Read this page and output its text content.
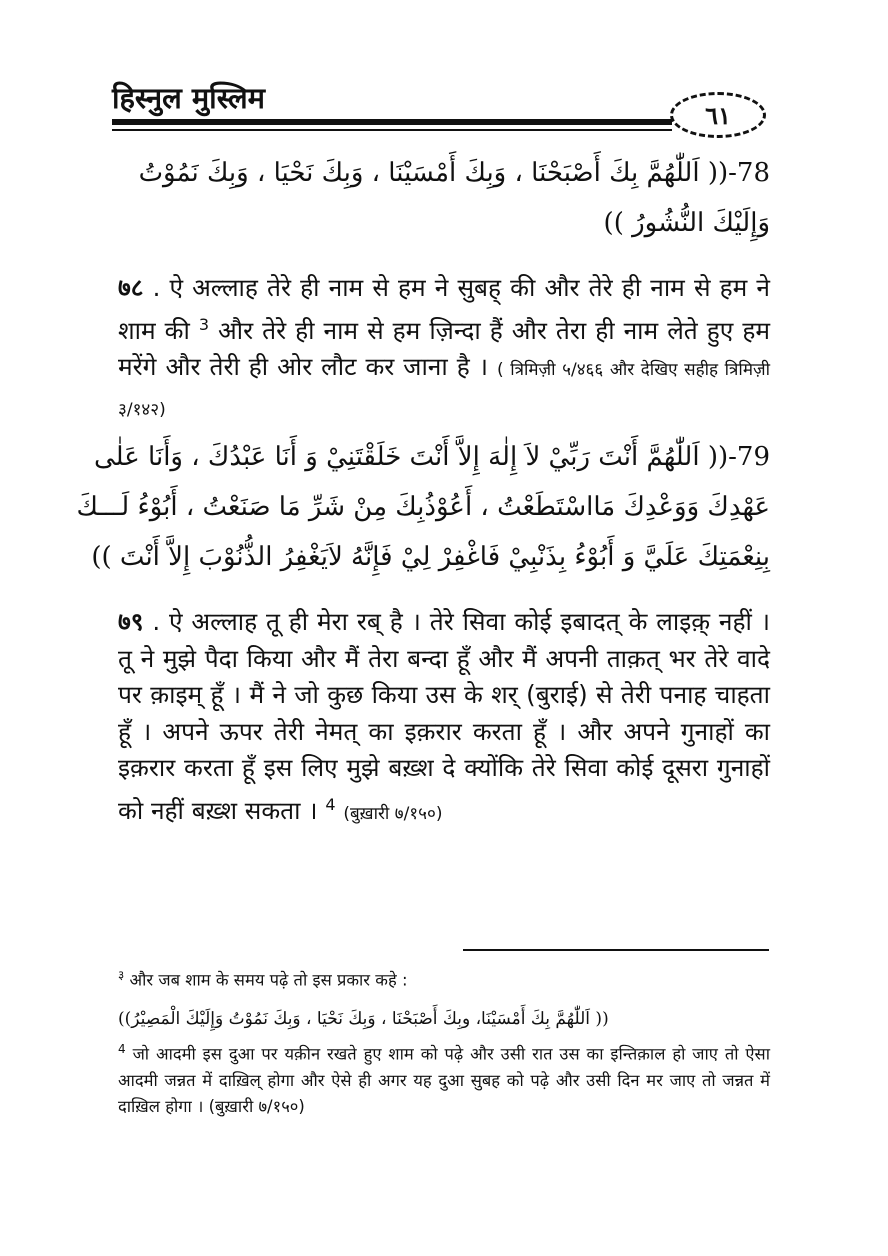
हिस्नुल मुस्लिम	٦١
78-(( اَللّٰهُمَّ بِكَ أَصْبَحْنَا ، وَبِكَ أَمْسَيْنَا ، وَبِكَ نَحْيَا ، وَبِكَ نَمُوْتُ
وَإِلَيْكَ النُّشُورُ ))

७८ . ऐ अल्लाह तेरे ही नाम से हम ने सुबह् की और तेरे ही नाम से हम ने शाम की $^3$ और तेरे ही नाम से हम ज़िन्दा हैं और तेरा ही नाम लेते हुए हम मरेंगे और तेरी ही ओर लौट कर जाना है । ( त्रिमिज़ी ५/४६६ और देखिए सहीह त्रिमिज़ी ३/१४२)

79-(( اَللّٰهُمَّ أَنْتَ رَبِّيْ لاَ إِلٰهَ إِلاَّ أَنْتَ خَلَقْتَنِيْ وَ أَنَا عَبْدُكَ ، وَأَنَا عَلٰى
عَهْدِكَ وَوَعْدِكَ مَااسْتَطَعْتُ ، أَعُوْذُبِكَ مِنْ شَرِّ مَا صَنَعْتُ ، أَبُوْءُ لَـــكَ
بِنِعْمَتِكَ عَلَيَّ وَ أَبُوْءُ بِذَنْبِيْ فَاغْفِرْ لِيْ فَإِنَّهُ لاَيَغْفِرُ الذُّنُوْبَ إِلاَّ أَنْتَ ))

७९ . ऐ अल्लाह तू ही मेरा रब् है । तेरे सिवा कोई इबादत् के लाइक़् नहीं । तू ने मुझे पैदा किया और मैं तेरा बन्दा हूँ और मैं अपनी ताक़त् भर तेरे वादे पर क़ाइम् हूँ । मैं ने जो कुछ किया उस के शर् (बुराई) से तेरी पनाह चाहता हूँ । अपने ऊपर तेरी नेमत् का इक़रार करता हूँ । और अपने गुनाहों का इक़रार करता हूँ इस लिए मुझे बख़्श दे क्योंकि तेरे सिवा कोई दूसरा गुनाहों को नहीं बख़्श सकता । $^4$ (बुख़ारी ७/१५०)

$^३$ और जब शाम के समय पढ़े तो इस प्रकार कहे :

(( اَللّٰهُمَّ بِكَ أَمْسَيْنَا، وبِكَ أَصْبَحْنَا ، وَبِكَ نَحْيَا ، وَبِكَ نَمُوْتُ وَإِلَيْكَ الْمَصِيْرُ))

$^4$ जो आदमी इस दुआ पर यक़ीन रखते हुए शाम को पढ़े और उसी रात उस का इन्तिक़ाल हो जाए तो ऐसा आदमी जन्नत में दाख़िल् होगा और ऐसे ही अगर यह दुआ सुबह को पढ़े और उसी दिन मर जाए तो जन्नत में दाख़िल होगा । (बुख़ारी ७/१५०)
